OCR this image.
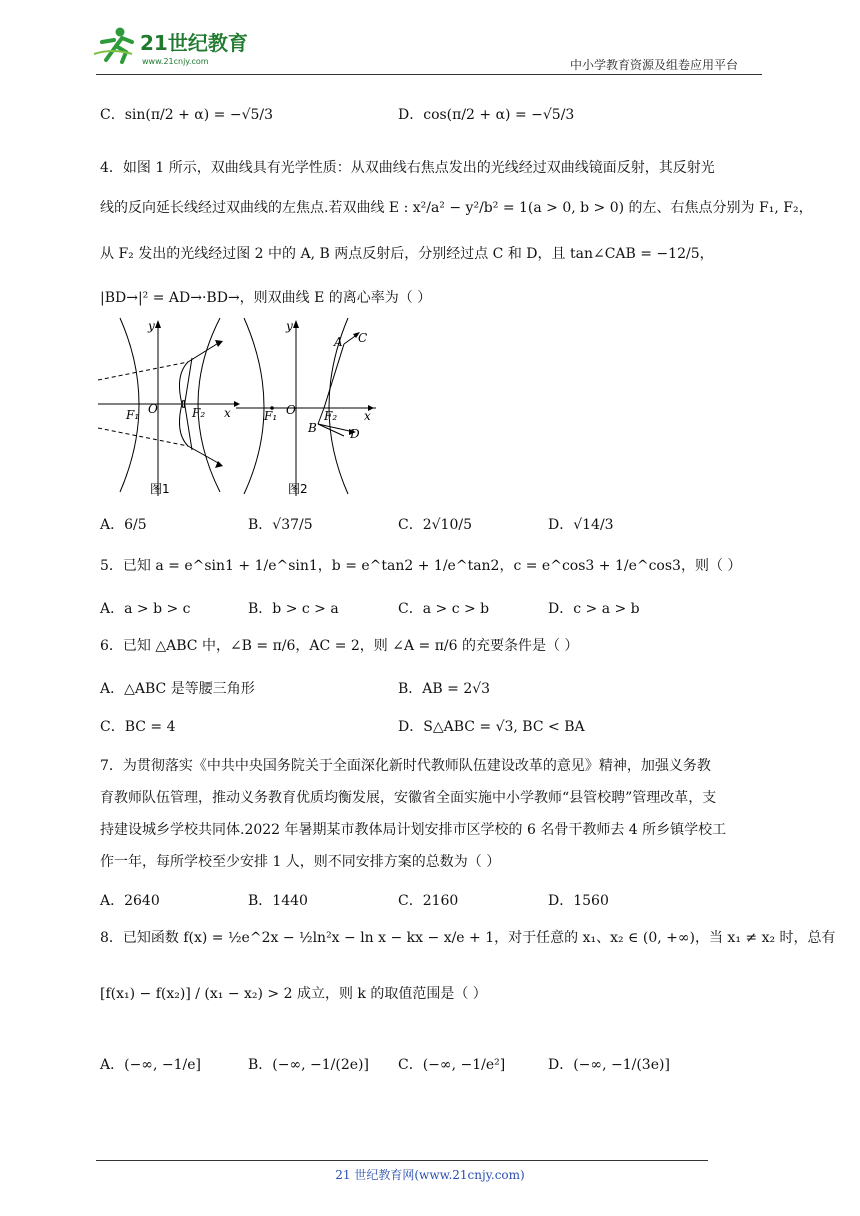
21世纪教育
www.21cnjy.com	中小学教育资源及组卷应用平台
C．sin(π/2 + α) = −√5/3	D．cos(π/2 + α) = −√5/3
4．如图 1 所示，双曲线具有光学性质：从双曲线右焦点发出的光线经过双曲线镜面反射，其反射光
线的反向延长线经过双曲线的左焦点.若双曲线 E : x²/a² − y²/b² = 1(a > 0, b > 0) 的左、右焦点分别为 F₁, F₂，
从 F₂ 发出的光线经过图 2 中的 A, B 两点反射后，分别经过点 C 和 D，且 tan∠CAB = −12/5，
|BD→|² = AD→·BD→，则双曲线 E 的离心率为（ ）
F₁ O	F₂ x
y
图1
A C
B	D
F₁ O F₂ x
y
图2
A．6/5	B．√37/5	C．2√10/5	D．√14/3
5．已知 a = e^sin1 + 1/e^sin1，b = e^tan2 + 1/e^tan2，c = e^cos3 + 1/e^cos3，则（ ）
A．a > b > c	B．b > c > a	C．a > c > b	D．c > a > b
6．已知 △ABC 中，∠B = π/6，AC = 2，则 ∠A = π/6 的充要条件是（ ）
A．△ABC 是等腰三角形	B．AB = 2√3
C．BC = 4	D．S△ABC = √3, BC < BA
7．为贯彻落实《中共中央国务院关于全面深化新时代教师队伍建设改革的意见》精神，加强义务教
育教师队伍管理，推动义务教育优质均衡发展，安徽省全面实施中小学教师“县管校聘”管理改革，支
持建设城乡学校共同体.2022 年暑期某市教体局计划安排市区学校的 6 名骨干教师去 4 所乡镇学校工
作一年，每所学校至少安排 1 人，则不同安排方案的总数为（ ）
A．2640	B．1440	C．2160	D．1560
8．已知函数 f(x) = ½e^2x − ½ln²x − ln x − kx − x/e + 1，对于任意的 x₁、x₂ ∈ (0, +∞)，当 x₁ ≠ x₂ 时，总有
[f(x₁) − f(x₂)] / (x₁ − x₂) > 2 成立，则 k 的取值范围是（ ）
A．(−∞, −1/e]	B．(−∞, −1/(2e)] C．(−∞, −1/e²]	D．(−∞, −1/(3e)]
21 世纪教育网(www.21cnjy.com)
